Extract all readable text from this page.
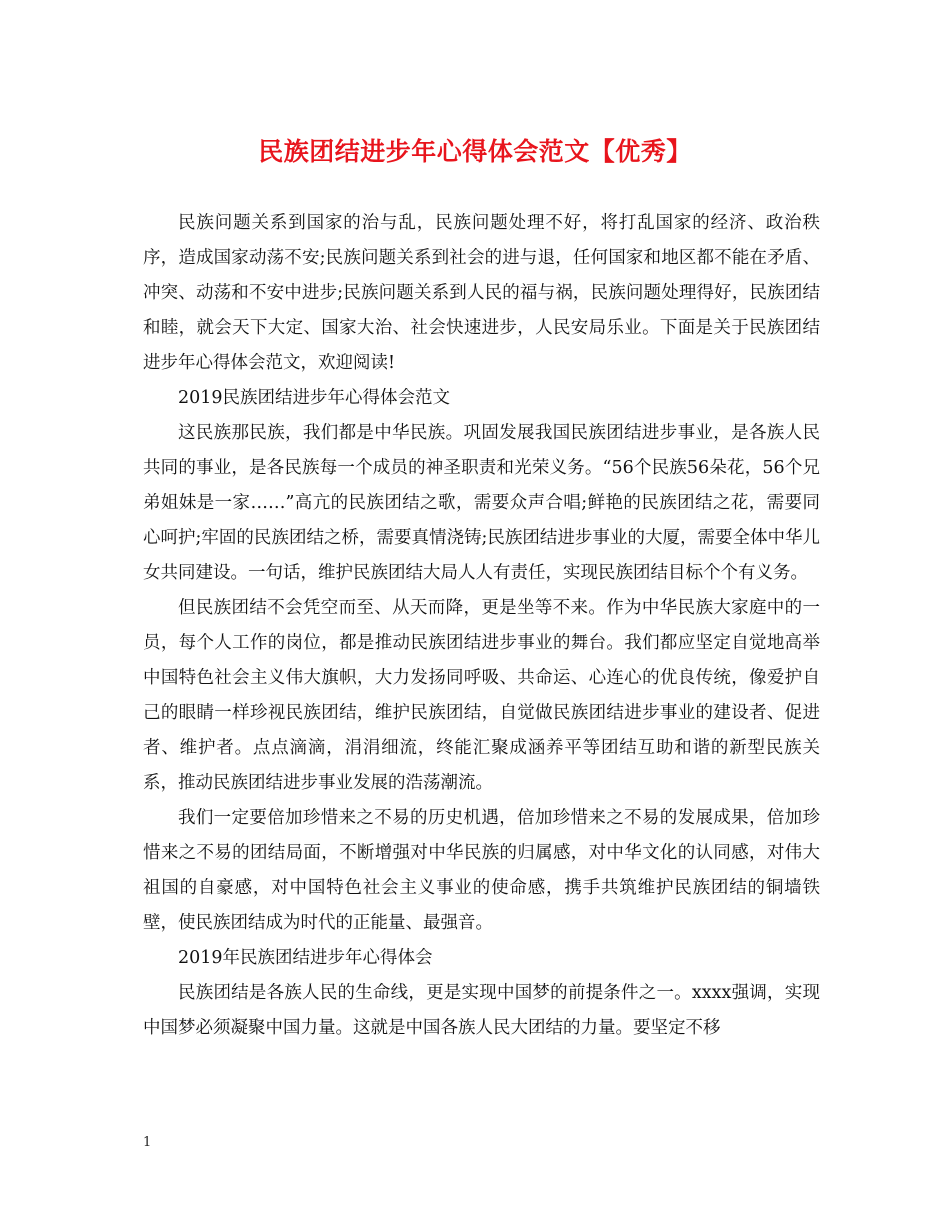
民族团结进步年心得体会范文【优秀】

民族问题关系到国家的治与乱，民族问题处理不好，将打乱国家的经济、政治秩序，造成国家动荡不安;民族问题关系到社会的进与退，任何国家和地区都不能在矛盾、冲突、动荡和不安中进步;民族问题关系到人民的福与祸，民族问题处理得好，民族团结和睦，就会天下大定、国家大治、社会快速进步，人民安局乐业。下面是关于民族团结进步年心得体会范文，欢迎阅读!

2019民族团结进步年心得体会范文

这民族那民族，我们都是中华民族。巩固发展我国民族团结进步事业，是各族人民共同的事业，是各民族每一个成员的神圣职责和光荣义务。“56个民族56朵花，56个兄弟姐妹是一家……”高亢的民族团结之歌，需要众声合唱;鲜艳的民族团结之花，需要同心呵护;牢固的民族团结之桥，需要真情浇铸;民族团结进步事业的大厦，需要全体中华儿女共同建设。一句话，维护民族团结大局人人有责任，实现民族团结目标个个有义务。

但民族团结不会凭空而至、从天而降，更是坐等不来。作为中华民族大家庭中的一员，每个人工作的岗位，都是推动民族团结进步事业的舞台。我们都应坚定自觉地高举中国特色社会主义伟大旗帜，大力发扬同呼吸、共命运、心连心的优良传统，像爱护自己的眼睛一样珍视民族团结，维护民族团结，自觉做民族团结进步事业的建设者、促进者、维护者。点点滴滴，涓涓细流，终能汇聚成涵养平等团结互助和谐的新型民族关系，推动民族团结进步事业发展的浩荡潮流。

我们一定要倍加珍惜来之不易的历史机遇，倍加珍惜来之不易的发展成果，倍加珍惜来之不易的团结局面，不断增强对中华民族的归属感，对中华文化的认同感，对伟大祖国的自豪感，对中国特色社会主义事业的使命感，携手共筑维护民族团结的铜墙铁壁，使民族团结成为时代的正能量、最强音。

2019年民族团结进步年心得体会

民族团结是各族人民的生命线，更是实现中国梦的前提条件之一。xxxx强调，实现中国梦必须凝聚中国力量。这就是中国各族人民大团结的力量。要坚定不移

1
